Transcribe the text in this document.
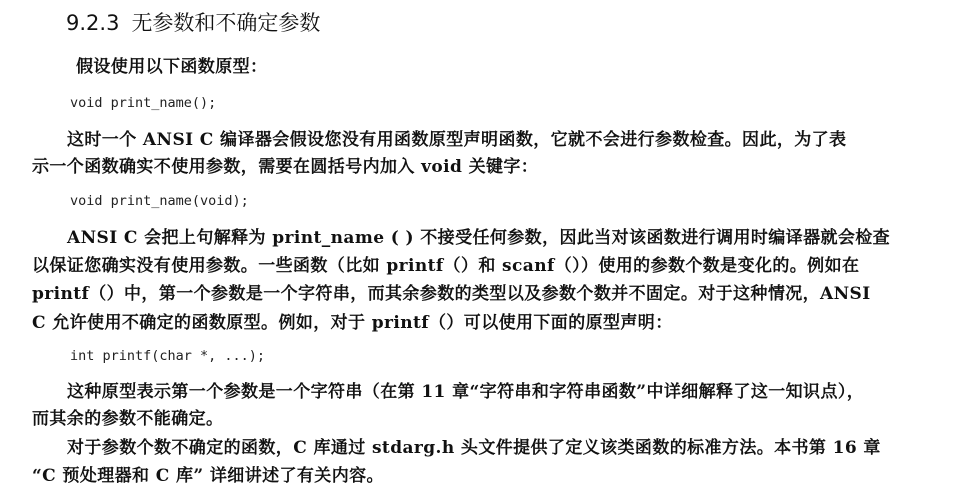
9.2.3 无参数和不确定参数
假设使用以下函数原型：
void print_name();
这时一个 ANSI C 编译器会假设您没有用函数原型声明函数，它就不会进行参数检查。因此，为了表
示一个函数确实不使用参数，需要在圆括号内加入 void 关键字：
void print_name(void);
ANSI C 会把上句解释为 print_name ( ) 不接受任何参数，因此当对该函数进行调用时编译器就会检查
以保证您确实没有使用参数。一些函数（比如 printf（）和 scanf（））使用的参数个数是变化的。例如在
printf（）中，第一个参数是一个字符串，而其余参数的类型以及参数个数并不固定。对于这种情况，ANSI
C 允许使用不确定的函数原型。例如，对于 printf（）可以使用下面的原型声明：
int printf(char *, ...);
这种原型表示第一个参数是一个字符串（在第 11 章“字符串和字符串函数”中详细解释了这一知识点），
而其余的参数不能确定。
对于参数个数不确定的函数，C 库通过 stdarg.h 头文件提供了定义该类函数的标准方法。本书第 16 章
“C 预处理器和 C 库” 详细讲述了有关内容。
